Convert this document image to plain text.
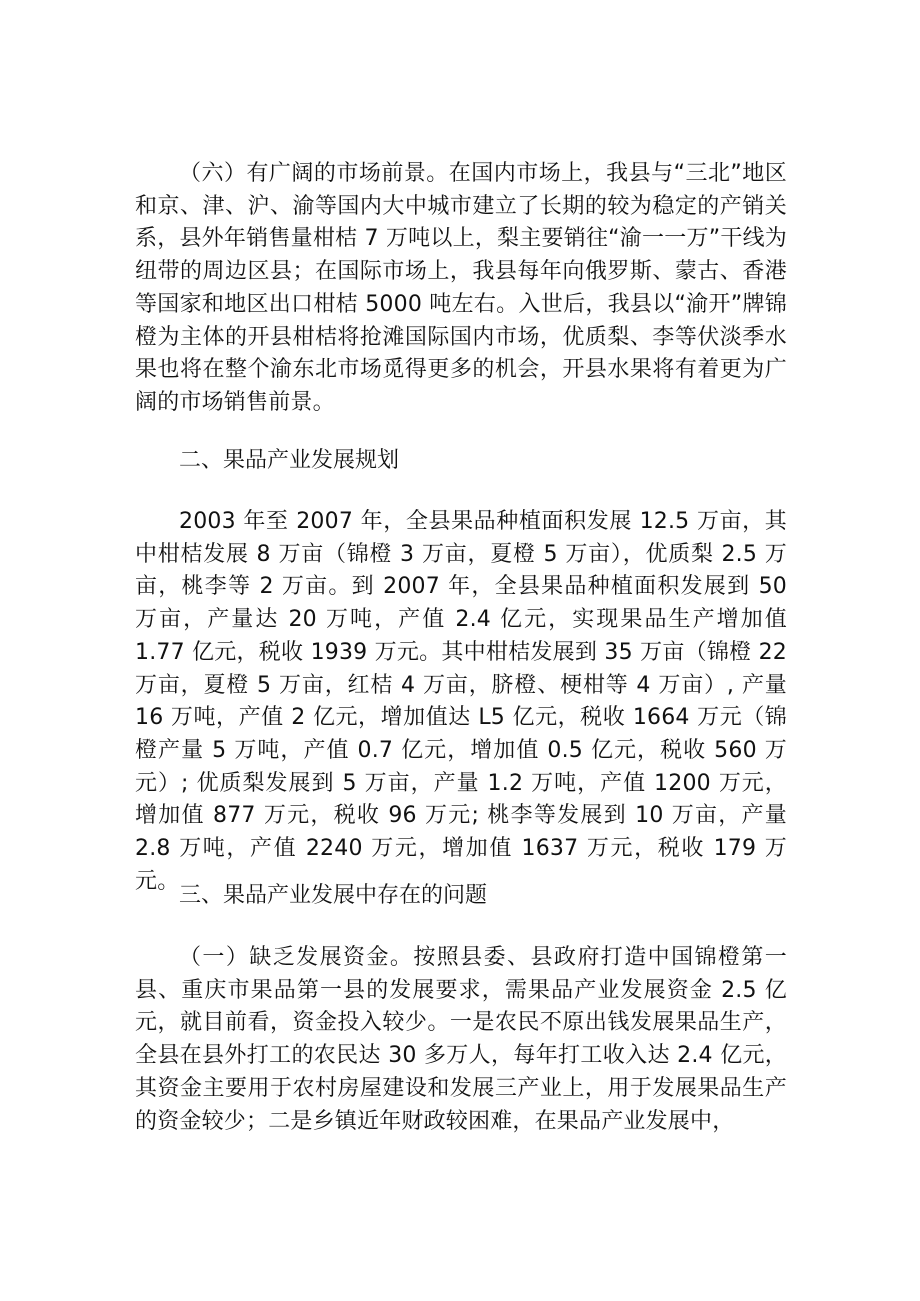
（六）有广阔的市场前景。在国内市场上，我县与“三北”地区和京、津、沪、渝等国内大中城市建立了长期的较为稳定的产销关系，县外年销售量柑桔 7 万吨以上，梨主要销往“渝一一万”干线为纽带的周边区县；在国际市场上，我县每年向俄罗斯、蒙古、香港等国家和地区出口柑桔 5000 吨左右。入世后，我县以“渝开”牌锦橙为主体的开县柑桔将抢滩国际国内市场，优质梨、李等伏淡季水果也将在整个渝东北市场觅得更多的机会，开县水果将有着更为广阔的市场销售前景。

二、果品产业发展规划

2003 年至 2007 年，全县果品种植面积发展 12.5 万亩，其中柑桔发展 8 万亩（锦橙 3 万亩，夏橙 5 万亩），优质梨 2.5 万亩，桃李等 2 万亩。到 2007 年，全县果品种植面积发展到 50 万亩，产量达 20 万吨，产值 2.4 亿元，实现果品生产增加值 1.77 亿元，税收 1939 万元。其中柑桔发展到 35 万亩（锦橙 22 万亩，夏橙 5 万亩，红桔 4 万亩，脐橙、梗柑等 4 万亩）, 产量 16 万吨，产值 2 亿元，增加值达 L5 亿元，税收 1664 万元（锦橙产量 5 万吨，产值 0.7 亿元，增加值 0.5 亿元，税收 560 万元）; 优质梨发展到 5 万亩，产量 1.2 万吨，产值 1200 万元，增加值 877 万元，税收 96 万元; 桃李等发展到 10 万亩，产量 2.8 万吨，产值 2240 万元，增加值 1637 万元，税收 179 万元。

三、果品产业发展中存在的问题

（一）缺乏发展资金。按照县委、县政府打造中国锦橙第一县、重庆市果品第一县的发展要求，需果品产业发展资金 2.5 亿元，就目前看，资金投入较少。一是农民不原出钱发展果品生产，全县在县外打工的农民达 30 多万人，每年打工收入达 2.4 亿元，其资金主要用于农村房屋建设和发展三产业上，用于发展果品生产的资金较少；二是乡镇近年财政较困难，在果品产业发展中，
